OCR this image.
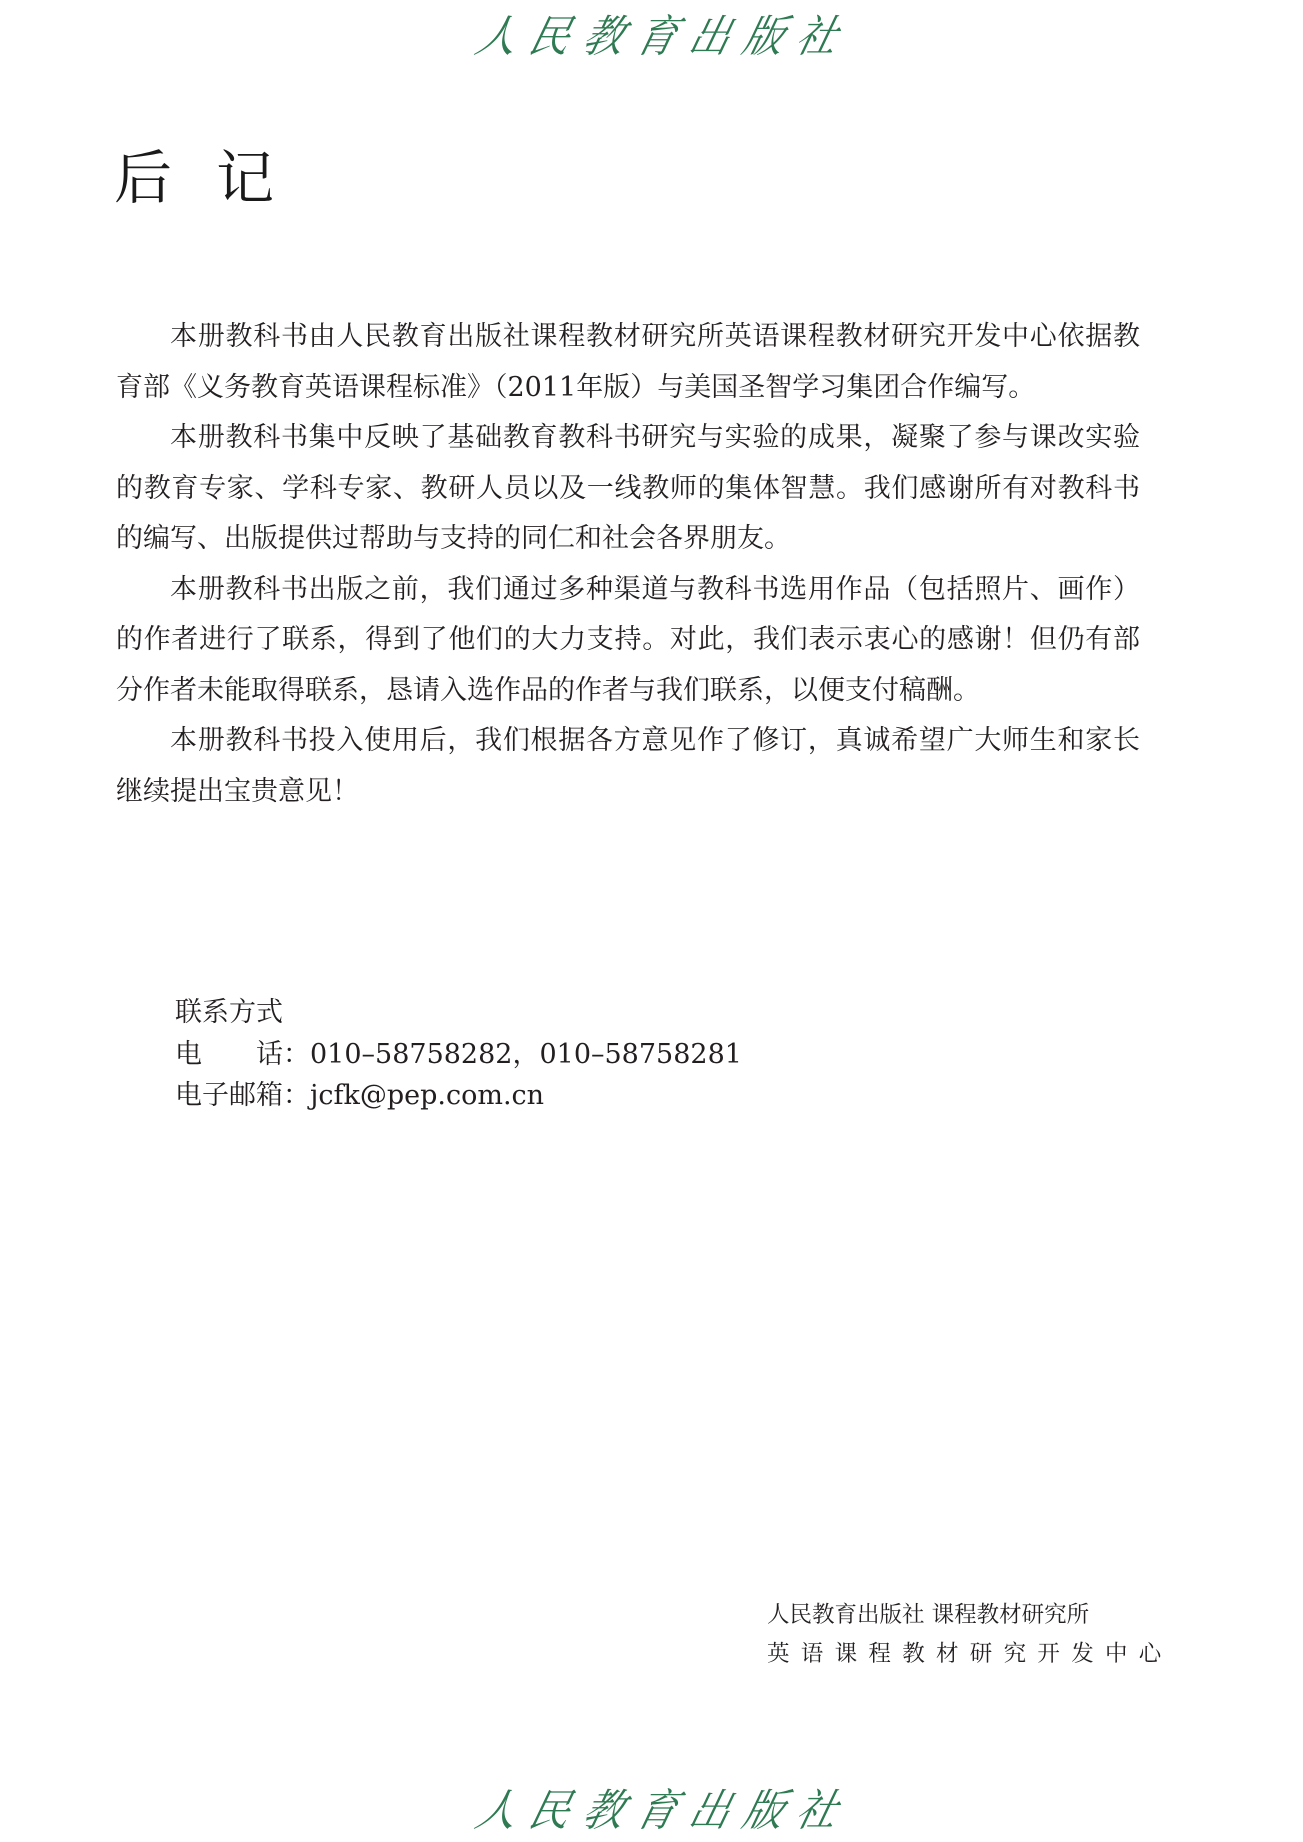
人 民 教 育 出 版 社
后记

本册教科书由人民教育出版社课程教材研究所英语课程教材研究开发中心依据教育部《义务教育英语课程标准》（2011年版）与美国圣智学习集团合作编写。

本册教科书集中反映了基础教育教科书研究与实验的成果，凝聚了参与课改实验的教育专家、学科专家、教研人员以及一线教师的集体智慧。我们感谢所有对教科书的编写、出版提供过帮助与支持的同仁和社会各界朋友。

本册教科书出版之前，我们通过多种渠道与教科书选用作品（包括照片、画作）的作者进行了联系，得到了他们的大力支持。对此，我们表示衷心的感谢！但仍有部分作者未能取得联系，恳请入选作品的作者与我们联系，以便支付稿酬。

本册教科书投入使用后，我们根据各方意见作了修订，真诚希望广大师生和家长继续提出宝贵意见！

联系方式
电话 ：010–58758282，010–58758281
电子邮箱 ：jcfk@pep.com.cn
人民教育出版社 课程教材研究所
英语课程教材研究开发中心
人 民 教 育 出 版 社
